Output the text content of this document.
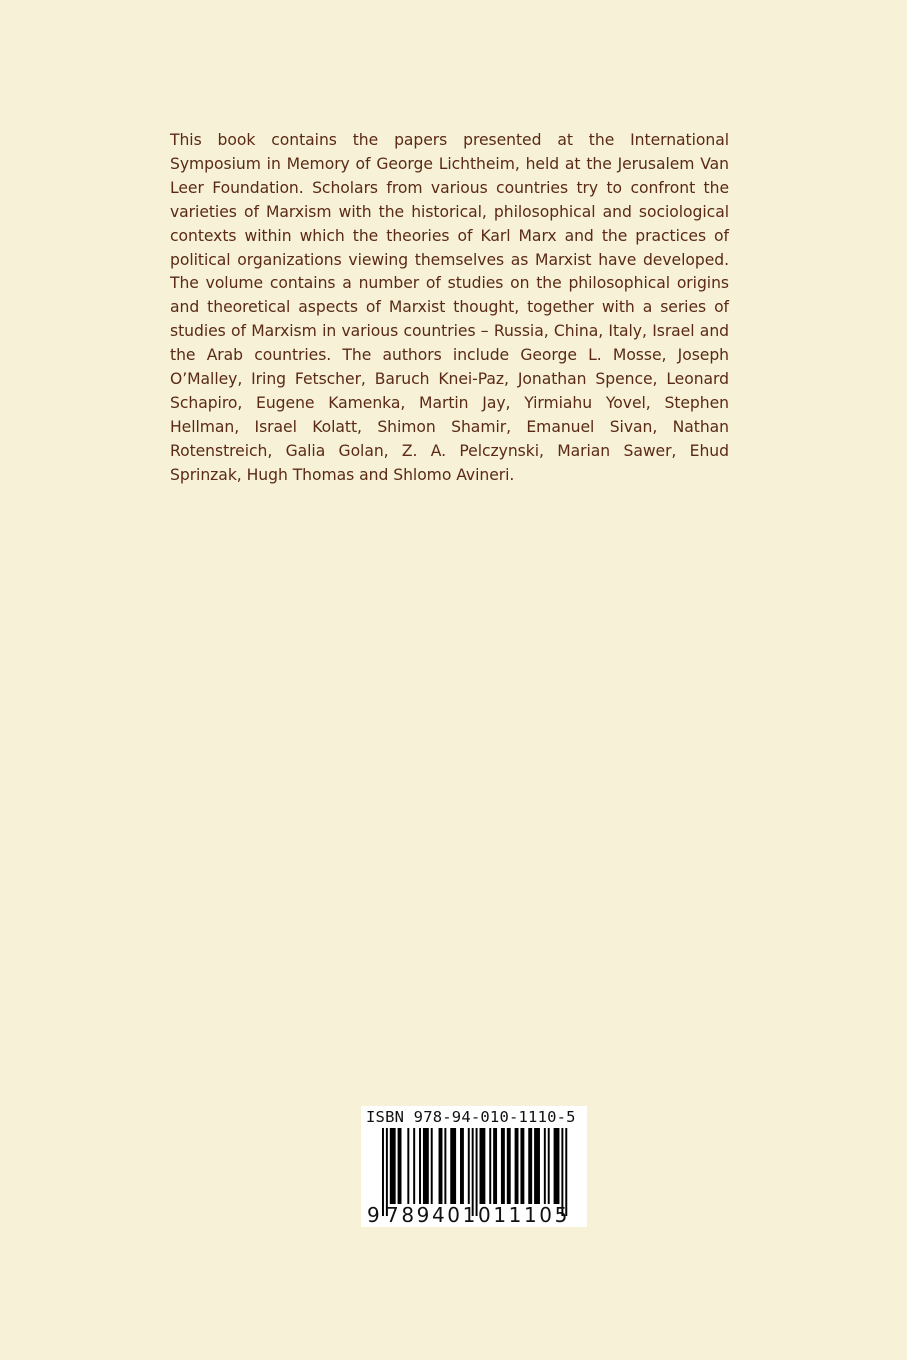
This book contains the papers presented at the International Symposium in Memory of George Lichtheim, held at the Jerusalem Van Leer Foundation. Scholars from various countries try to confront the varieties of Marxism with the historical, philosophical and sociological contexts within which the theories of Karl Marx and the practices of political organizations viewing themselves as Marxist have developed. The volume contains a number of studies on the philosophical origins and theoretical aspects of Marxist thought, together with a series of studies of Marxism in various countries – Russia, China, Italy, Israel and the Arab countries. The authors include George L. Mosse, Joseph O’Malley, Iring Fetscher, Baruch Knei-Paz, Jonathan Spence, Leonard Schapiro, Eugene Kamenka, Martin Jay, Yirmiahu Yovel, Stephen Hellman, Israel Kolatt, Shimon Shamir, Emanuel Sivan, Nathan Rotenstreich, Galia Golan, Z. A. Pelczynski, Marian Sawer, Ehud Sprinzak, Hugh Thomas and Shlomo Avineri.

ISBN 978-94-010-1110-5
9 789401 011105
